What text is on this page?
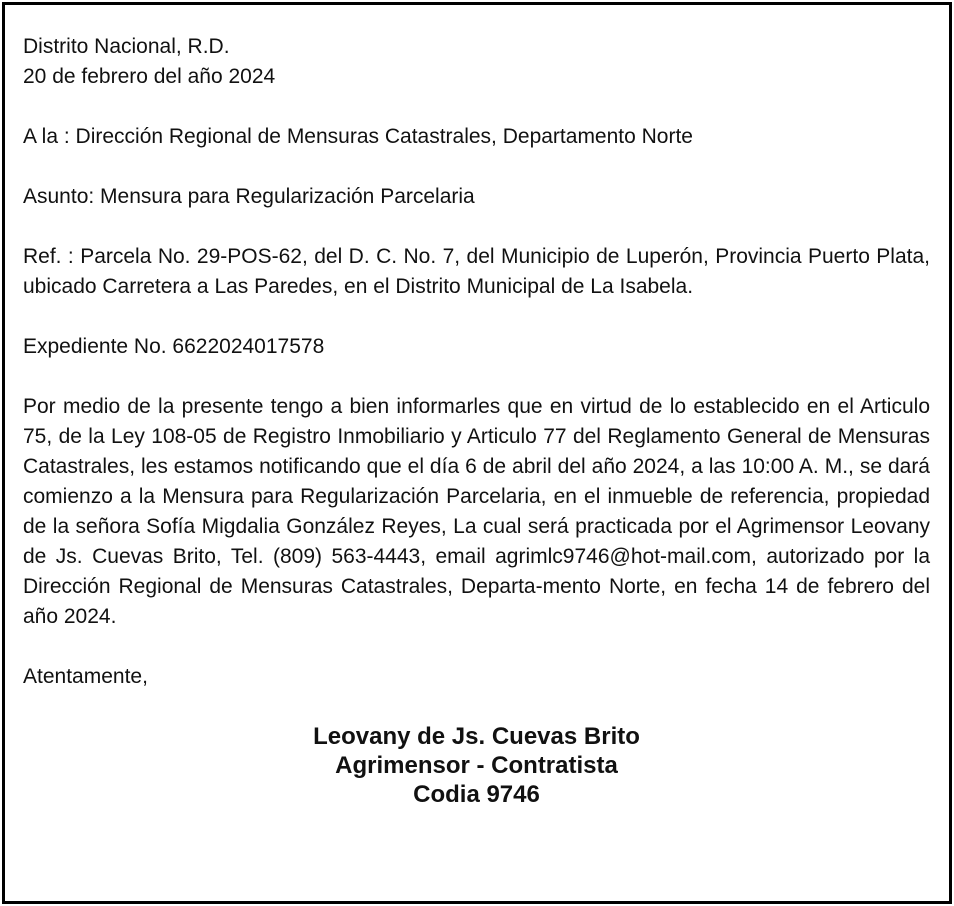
Distrito Nacional, R.D.

20 de febrero del año 2024

A la : Dirección Regional de Mensuras Catastrales, Departamento Norte

Asunto: Mensura para Regularización Parcelaria

Ref. : Parcela No. 29-POS-62, del D. C. No. 7, del Municipio de Luperón, Provincia Puerto Plata, ubicado Carretera a Las Paredes, en el Distrito Municipal de La Isabela.

Expediente No. 6622024017578

Por medio de la presente tengo a bien informarles que en virtud de lo establecido en el Articulo 75, de la Ley 108-05 de Registro Inmobiliario y Articulo 77 del Reglamento General de Mensuras Catastrales, les estamos notificando que el día 6 de abril del año 2024, a las 10:00 A. M., se dará comienzo a la Mensura para Regularización Parcelaria, en el inmueble de referencia, propiedad de la señora Sofía Migdalia González Reyes, La cual será practicada por el Agrimensor Leovany de Js. Cuevas Brito, Tel. (809) 563-4443, email agrimlc9746@hot-mail.com, autorizado por la Dirección Regional de Mensuras Catastrales, Departa-mento Norte, en fecha 14 de febrero del año 2024.

Atentamente,

Leovany de Js. Cuevas Brito
Agrimensor - Contratista
Codia 9746
